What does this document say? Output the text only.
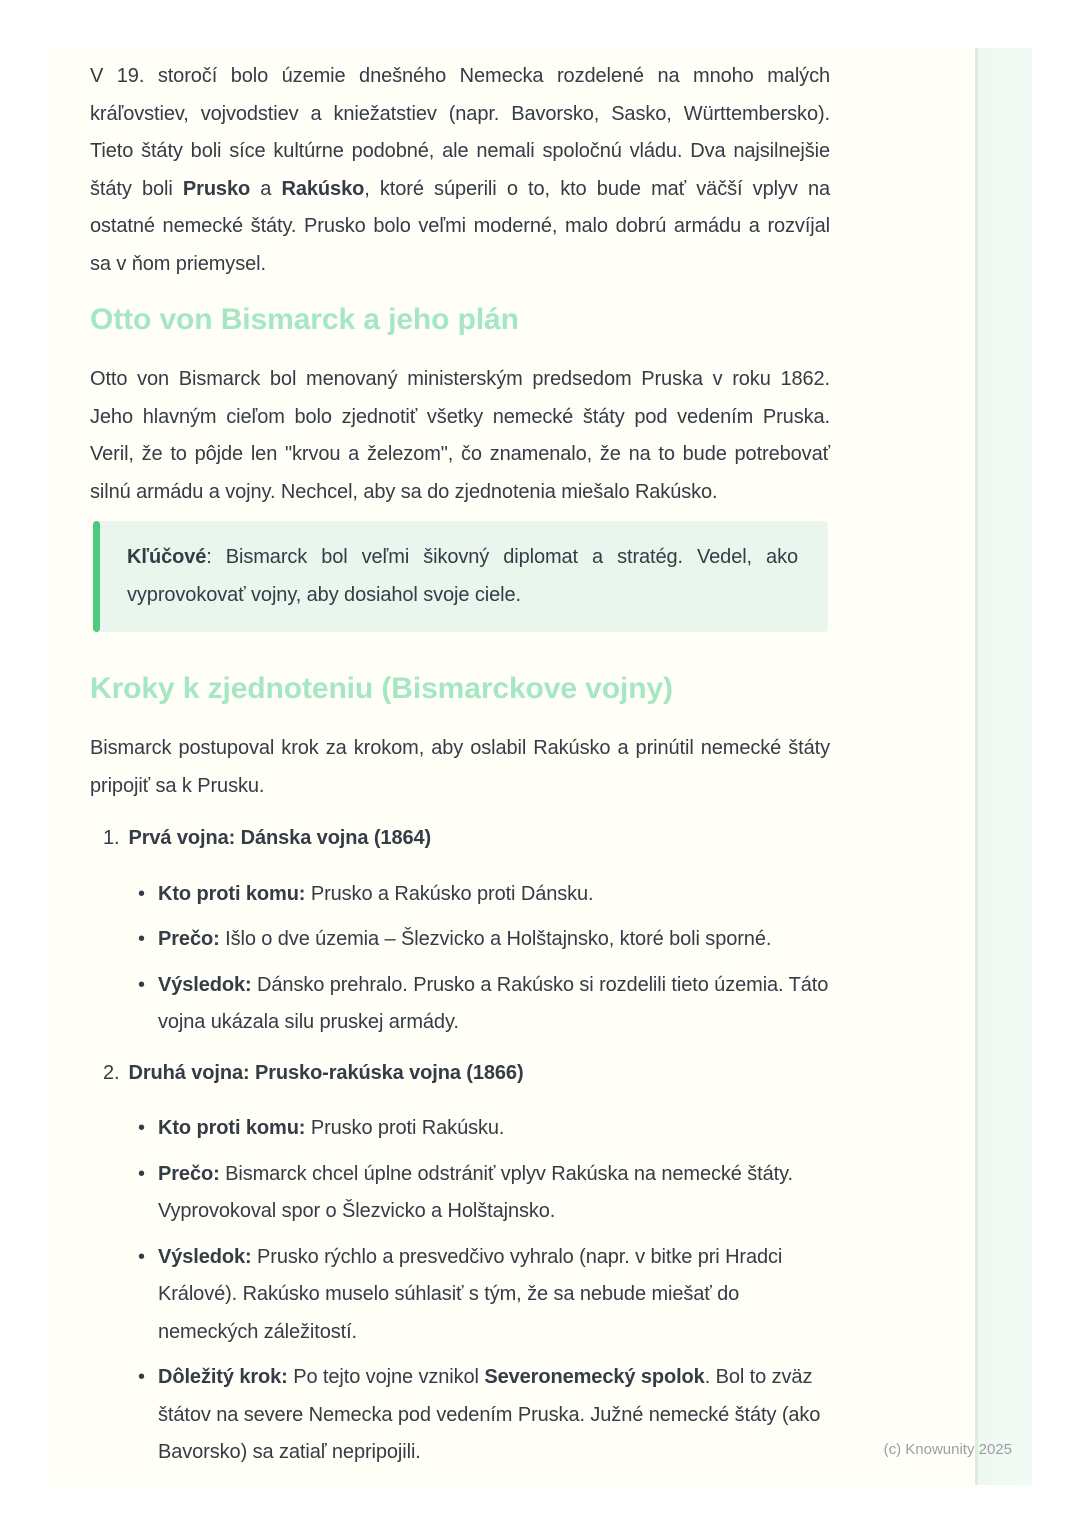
V 19. storočí bolo územie dnešného Nemecka rozdelené na mnoho malých kráľovstiev, vojvodstiev a kniežatstiev (napr. Bavorsko, Sasko, Württembersko). Tieto štáty boli síce kultúrne podobné, ale nemali spoločnú vládu. Dva najsilnejšie štáty boli Prusko a Rakúsko, ktoré súperili o to, kto bude mať väčší vplyv na ostatné nemecké štáty. Prusko bolo veľmi moderné, malo dobrú armádu a rozvíjal sa v ňom priemysel.

Otto von Bismarck a jeho plán

Otto von Bismarck bol menovaný ministerským predsedom Pruska v roku 1862. Jeho hlavným cieľom bolo zjednotiť všetky nemecké štáty pod vedením Pruska. Veril, že to pôjde len "krvou a železom", čo znamenalo, že na to bude potrebovať silnú armádu a vojny. Nechcel, aby sa do zjednotenia miešalo Rakúsko.

Kľúčové: Bismarck bol veľmi šikovný diplomat a stratég. Vedel, ako vyprovokovať vojny, aby dosiahol svoje ciele.

Kroky k zjednoteniu (Bismarckove vojny)

Bismarck postupoval krok za krokom, aby oslabil Rakúsko a prinútil nemecké štáty pripojiť sa k Prusku.

1. Prvá vojna: Dánska vojna (1864)
• Kto proti komu: Prusko a Rakúsko proti Dánsku.
• Prečo: Išlo o dve územia – Šlezvicko a Holštajnsko, ktoré boli sporné.
• Výsledok: Dánsko prehralo. Prusko a Rakúsko si rozdelili tieto územia. Táto vojna ukázala silu pruskej armády.
2. Druhá vojna: Prusko-rakúska vojna (1866)
• Kto proti komu: Prusko proti Rakúsku.
• Prečo: Bismarck chcel úplne odstrániť vplyv Rakúska na nemecké štáty. Vyprovokoval spor o Šlezvicko a Holštajnsko.
• Výsledok: Prusko rýchlo a presvedčivo vyhralo (napr. v bitke pri Hradci Králové). Rakúsko muselo súhlasiť s tým, že sa nebude miešať do nemeckých záležitostí.
• Dôležitý krok: Po tejto vojne vznikol Severonemecký spolok. Bol to zväz štátov na severe Nemecka pod vedením Pruska. Južné nemecké štáty (ako Bavorsko) sa zatiaľ nepripojili.	(c) Knowunity 2025
